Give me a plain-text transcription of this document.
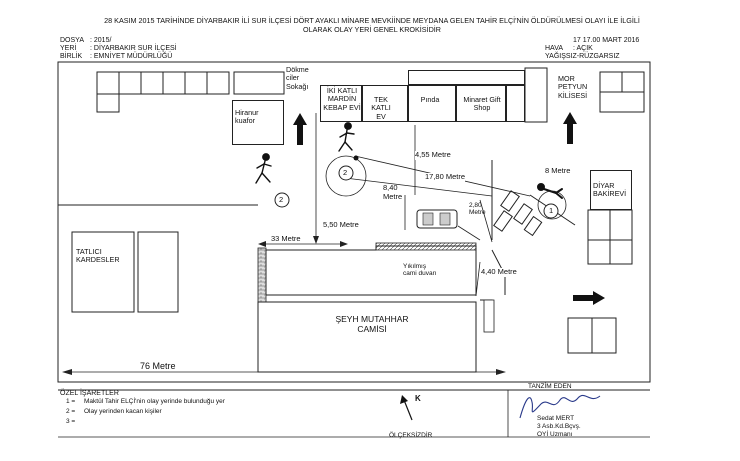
28 KASIM 2015 TARİHİNDE DİYARBAKIR İLİ SUR İLÇESİ DÖRT AYAKLI MİNARE MEVKİİNDE MEYDANA GELEN TAHİR ELÇİ'NİN ÖLDÜRÜLMESİ OLAYI İLE İLGİLİ
OLARAK OLAY YERİ GENEL KROKİSİDİR
DOSYA : 2015/
YERİ : DİYARBAKIR SUR İLÇESİ
BİRLİK : EMNİYET MÜDÜRLÜĞÜ
17 17.00 MART 2016
HAVA : AÇIK
YAĞIŞSIZ-RÜZGARSIZ
Hiranur kuafor
İKİ KATLI MARDİN KEBAP EVİ
TEK KATLI EV
Pında	Minaret Gift Shop
DİYAR BAKİREVİ
MOR PETYUN KİLİSESİ
Dökme ciler Sokağı
TATLICI KARDESLER
ŞEYH MUTAHHAR CAMİSİ
Yıkılmış cami duvarı
4,55 Metre
17,80 Metre
8,40 Metre
2,80 Metre
8 Metre
5,50 Metre
33 Metre
4,40 Metre
76 Metre
2
2
1
ÖZEL İŞARETLER
1 = Maktül Tahir ELÇİ'nin olay yerinde bulunduğu yer
2 = Olay yerinden kacan kişiler
3 =
K
ÖLÇEKSİZDİR
TANZİM EDEN
Sedat MERT
3 Asb.Kd.Bçvş.
OYİ Uzmanı
